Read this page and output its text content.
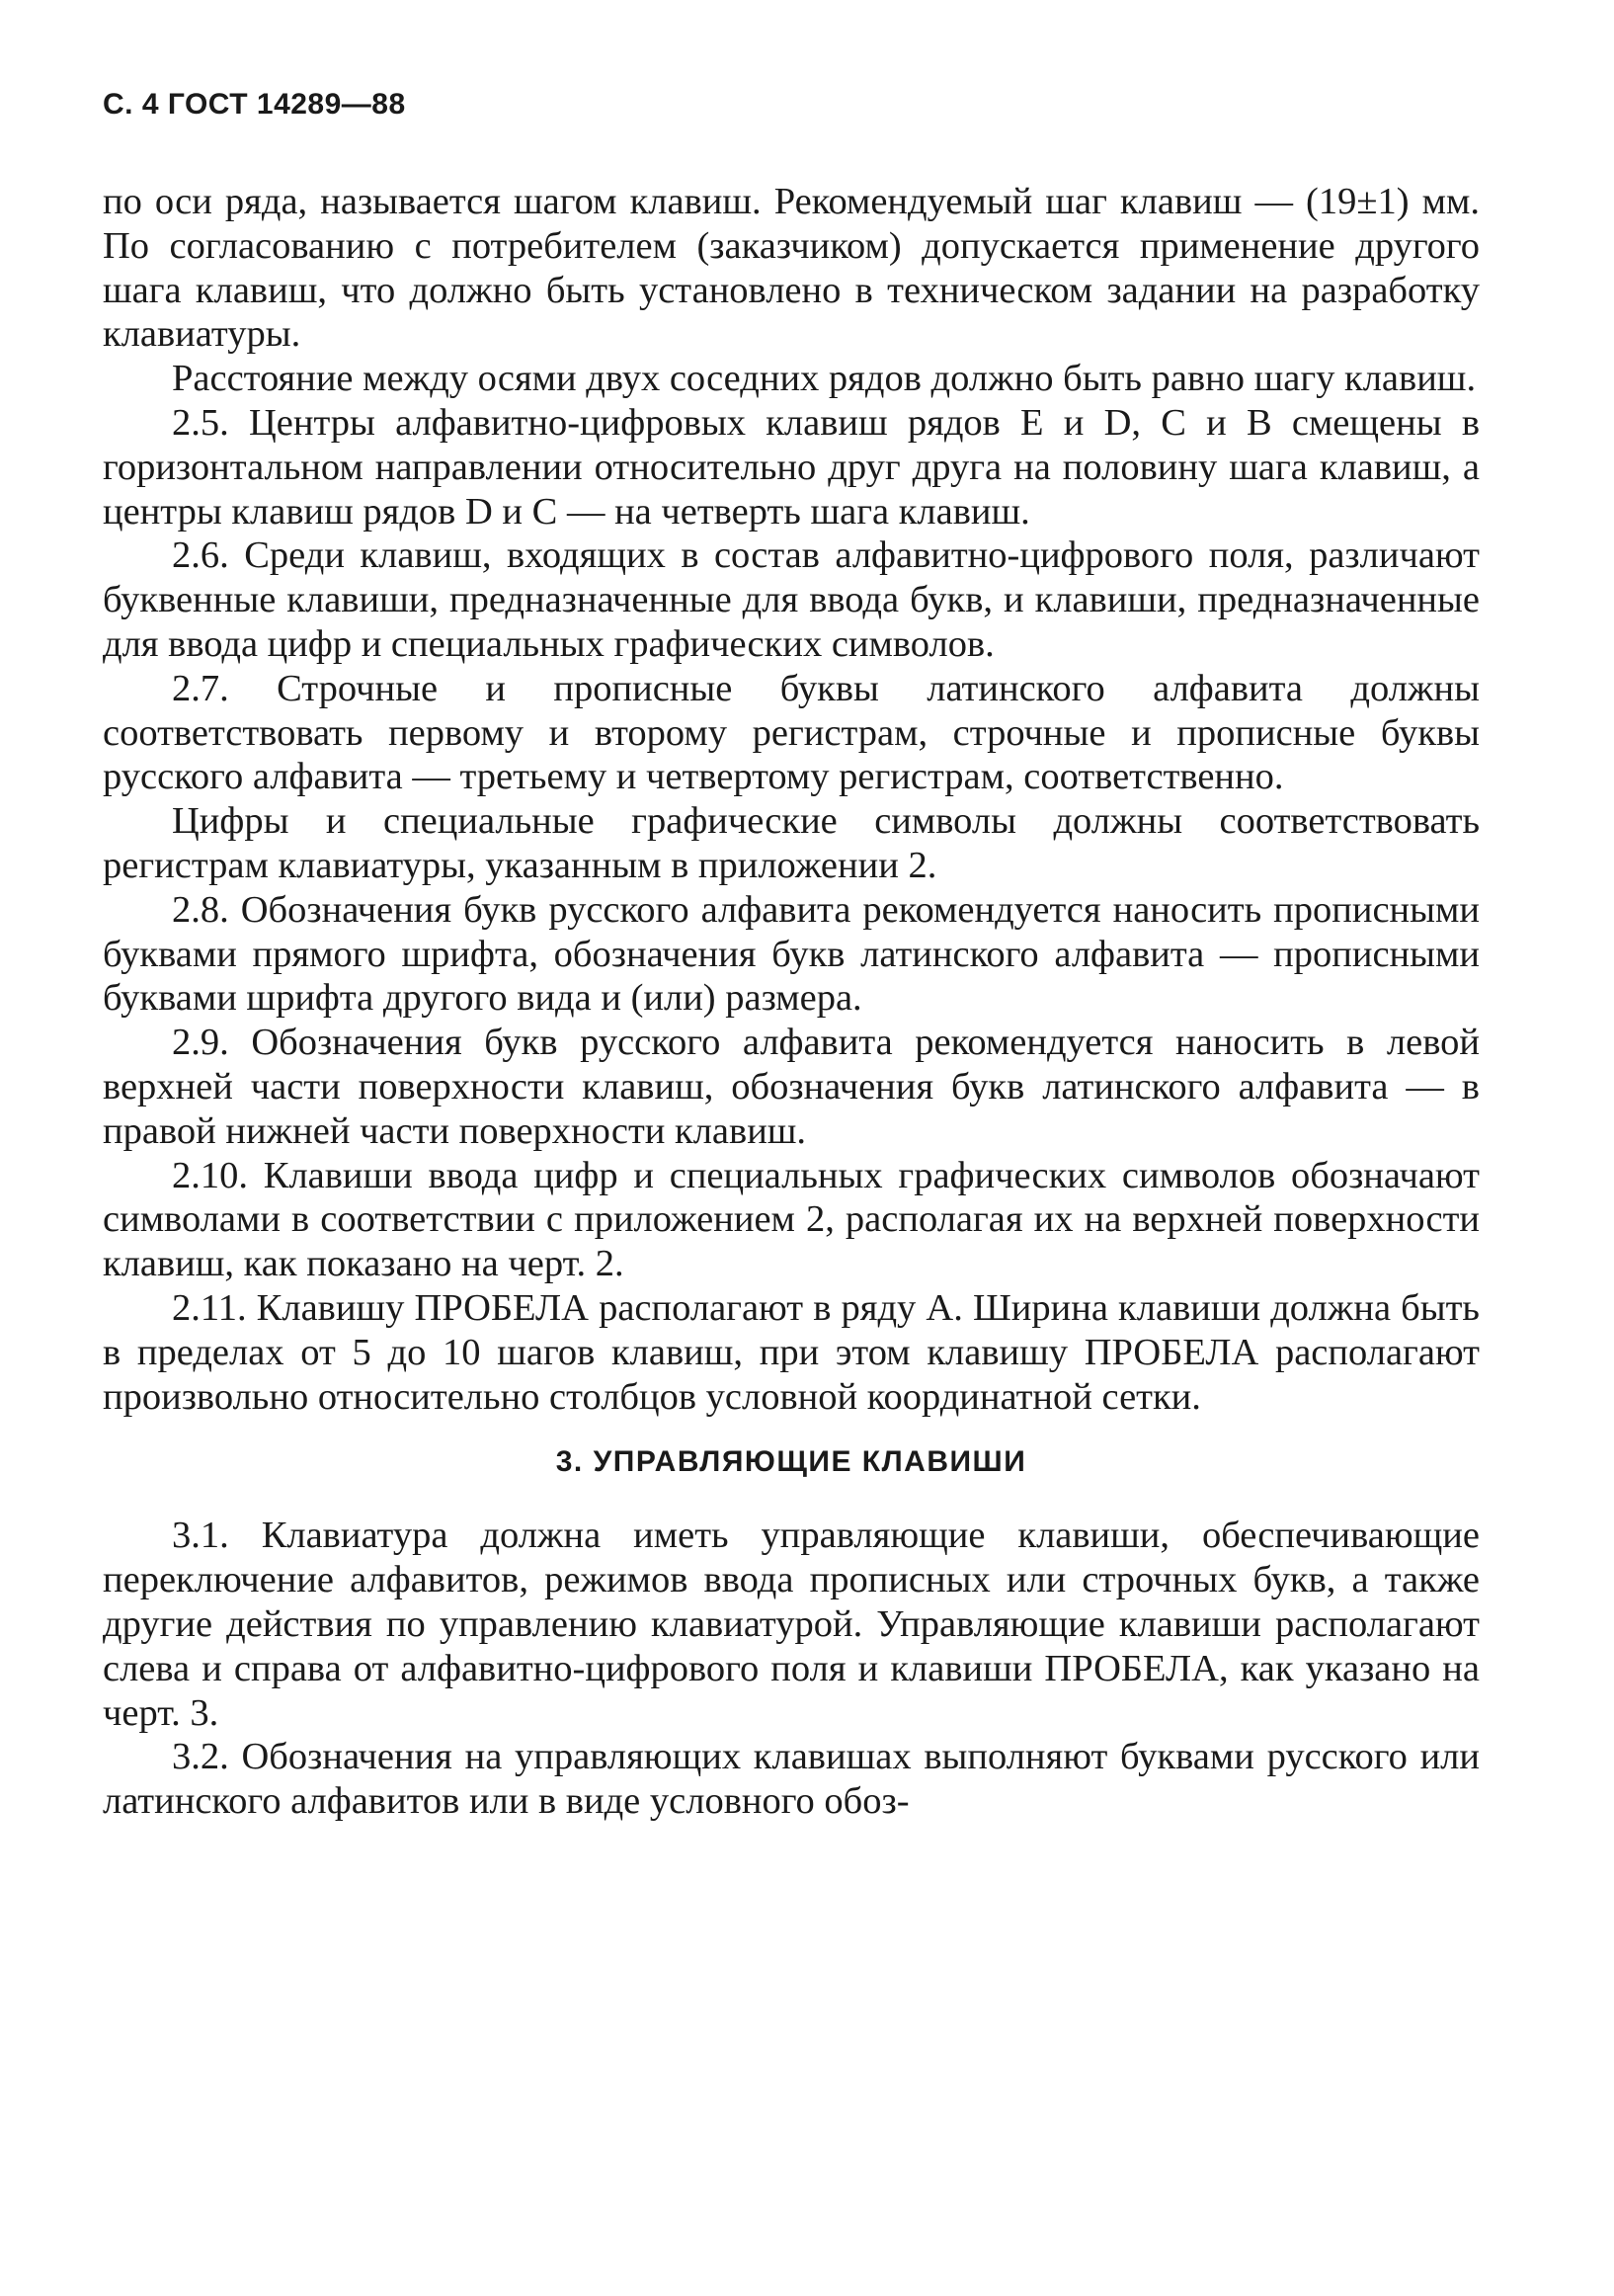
С. 4 ГОСТ 14289—88

по оси ряда, называется шагом клавиш. Рекомендуемый шаг клавиш — (19±1) мм. По согласованию с потребителем (заказчиком) допускается применение другого шага клавиш, что должно быть установлено в техническом задании на разработку клавиатуры.

Расстояние между осями двух соседних рядов должно быть равно шагу клавиш.

2.5. Центры алфавитно-цифровых клавиш рядов E и D, C и B смещены в горизонтальном направлении относительно друг друга на половину шага клавиш, а центры клавиш рядов D и C — на четверть шага клавиш.

2.6. Среди клавиш, входящих в состав алфавитно-цифрового поля, различают буквенные клавиши, предназначенные для ввода букв, и клавиши, предназначенные для ввода цифр и специальных графических символов.

2.7. Строчные и прописные буквы латинского алфавита должны соответствовать первому и второму регистрам, строчные и прописные буквы русского алфавита — третьему и четвертому регистрам, соответственно.

Цифры и специальные графические символы должны соответствовать регистрам клавиатуры, указанным в приложении 2.

2.8. Обозначения букв русского алфавита рекомендуется наносить прописными буквами прямого шрифта, обозначения букв латинского алфавита — прописными буквами шрифта другого вида и (или) размера.

2.9. Обозначения букв русского алфавита рекомендуется наносить в левой верхней части поверхности клавиш, обозначения букв латинского алфавита — в правой нижней части поверхности клавиш.

2.10. Клавиши ввода цифр и специальных графических символов обозначают символами в соответствии с приложением 2, располагая их на верхней поверхности клавиш, как показано на черт. 2.

2.11. Клавишу ПРОБЕЛА располагают в ряду А. Ширина клавиши должна быть в пределах от 5 до 10 шагов клавиш, при этом клавишу ПРОБЕЛА располагают произвольно относительно столбцов условной координатной сетки.

3. УПРАВЛЯЮЩИЕ КЛАВИШИ

3.1. Клавиатура должна иметь управляющие клавиши, обеспечивающие переключение алфавитов, режимов ввода прописных или строчных букв, а также другие действия по управлению клавиатурой. Управляющие клавиши располагают слева и справа от алфавитно-цифрового поля и клавиши ПРОБЕЛА, как указано на черт. 3.

3.2. Обозначения на управляющих клавишах выполняют буквами русского или латинского алфавитов или в виде условного обоз-
